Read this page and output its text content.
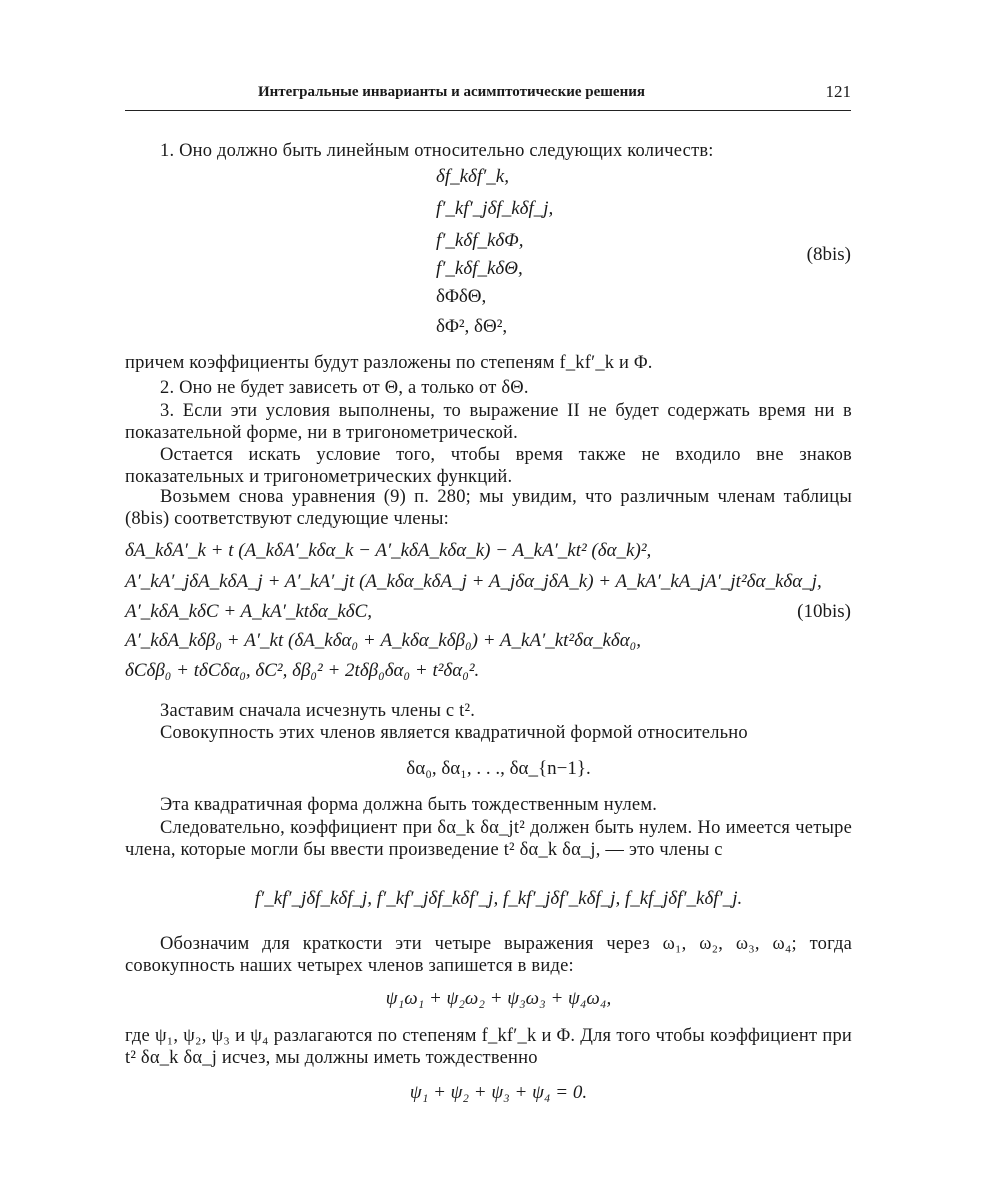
Интегральные инварианты и асимптотические решения	121

1. Оно должно быть линейным относительно следующих количеств:

δf_kδf′_k,
f′_kf′_jδf_kδf_j,
f′_kδf_kδΦ,
f′_kδf_kδΘ,
δΦδΘ,
δΦ², δΘ²,
(8bis)

причем коэффициенты будут разложены по степеням f_kf′_k и Φ.

2. Оно не будет зависеть от Θ, а только от δΘ.

3. Если эти условия выполнены, то выражение II не будет содержать время ни в показательной форме, ни в тригонометрической.

Остается искать условие того, чтобы время также не входило вне знаков показательных и тригонометрических функций.

Возьмем снова уравнения (9) п. 280; мы увидим, что различным членам таблицы (8bis) соответствуют следующие члены:

δA_kδA′_k + t (A_kδA′_kδα_k − A′_kδA_kδα_k) − A_kA′_kt² (δα_k)²,
A′_kA′_jδA_kδA_j + A′_kA′_jt (A_kδα_kδA_j + A_jδα_jδA_k) + A_kA′_kA_jA′_jt²δα_kδα_j,
A′_kδA_kδC + A_kA′_ktδα_kδC,
A′_kδA_kδβ₀ + A′_kt (δA_kδα₀ + A_kδα_kδβ₀) + A_kA′_kt²δα_kδα₀,
δCδβ₀ + tδCδα₀, δC², δβ₀² + 2tδβ₀δα₀ + t²δα₀².
(10bis)

Заставим сначала исчезнуть члены с t².

Совокупность этих членов является квадратичной формой относительно

δα₀, δα₁, . . ., δα_{n−1}.

Эта квадратичная форма должна быть тождественным нулем.

Следовательно, коэффициент при δα_k δα_jt² должен быть нулем. Но имеется четыре члена, которые могли бы ввести произведение t² δα_k δα_j, — это члены с

f′_kf′_jδf_kδf_j, f′_kf′_jδf_kδf′_j, f_kf′_jδf′_kδf_j, f_kf_jδf′_kδf′_j.

Обозначим для краткости эти четыре выражения через ω₁, ω₂, ω₃, ω₄; тогда совокупность наших четырех членов запишется в виде:

ψ₁ω₁ + ψ₂ω₂ + ψ₃ω₃ + ψ₄ω₄,

где ψ₁, ψ₂, ψ₃ и ψ₄ разлагаются по степеням f_kf′_k и Φ. Для того чтобы коэффициент при t² δα_k δα_j исчез, мы должны иметь тождественно

ψ₁ + ψ₂ + ψ₃ + ψ₄ = 0.
